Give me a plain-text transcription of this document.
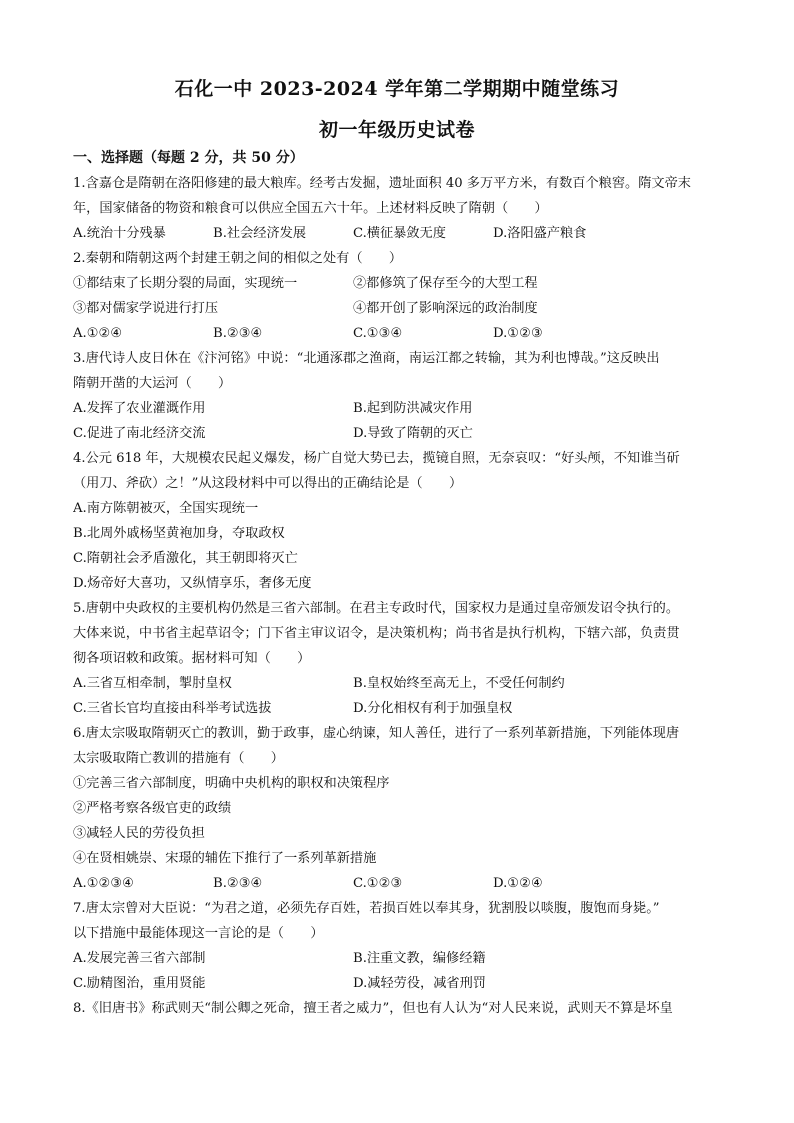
石化一中 2023-2024 学年第二学期期中随堂练习
初一年级历史试卷
一、选择题（每题 2 分，共 50 分）
1.含嘉仓是隋朝在洛阳修建的最大粮库。经考古发掘，遗址面积 40 多万平方米，有数百个粮窖。隋文帝末
年，国家储备的物资和粮食可以供应全国五六十年。上述材料反映了隋朝（　　）
A.统治十分残暴	B.社会经济发展	C.横征暴敛无度	D.洛阳盛产粮食
2.秦朝和隋朝这两个封建王朝之间的相似之处有（　　）
①都结束了长期分裂的局面，实现统一	②都修筑了保存至今的大型工程
③都对儒家学说进行打压	④都开创了影响深远的政治制度
A.①②④	B.②③④	C.①③④	D.①②③
3.唐代诗人皮日休在《汴河铭》中说：“北通涿郡之渔商，南运江都之转输，其为利也博哉。”这反映出
隋朝开凿的大运河（　　）
A.发挥了农业灌溉作用	B.起到防洪减灾作用
C.促进了南北经济交流	D.导致了隋朝的灭亡
4.公元 618 年，大规模农民起义爆发，杨广自觉大势已去，揽镜自照，无奈哀叹：“好头颅，不知谁当斫
（用刀、斧砍）之！”从这段材料中可以得出的正确结论是（　　）
A.南方陈朝被灭，全国实现统一
B.北周外戚杨坚黄袍加身，夺取政权
C.隋朝社会矛盾激化，其王朝即将灭亡
D.炀帝好大喜功，又纵情享乐，奢侈无度
5.唐朝中央政权的主要机构仍然是三省六部制。在君主专政时代，国家权力是通过皇帝颁发诏令执行的。
大体来说，中书省主起草诏令；门下省主审议诏令，是决策机构；尚书省是执行机构，下辖六部，负责贯
彻各项诏敕和政策。据材料可知（　　）
A.三省互相牵制，掣肘皇权	B.皇权始终至高无上，不受任何制约
C.三省长官均直接由科举考试选拔	D.分化相权有利于加强皇权
6.唐太宗吸取隋朝灭亡的教训，勤于政事，虚心纳谏，知人善任，进行了一系列革新措施，下列能体现唐
太宗吸取隋亡教训的措施有（　　）
①完善三省六部制度，明确中央机构的职权和决策程序
②严格考察各级官吏的政绩
③减轻人民的劳役负担
④在贤相姚崇、宋璟的辅佐下推行了一系列革新措施
A.①②③④	B.②③④	C.①②③	D.①②④
7.唐太宗曾对大臣说：“为君之道，必须先存百姓，若损百姓以奉其身，犹割股以啖腹，腹饱而身毙。”
以下措施中最能体现这一言论的是（　　）
A.发展完善三省六部制	B.注重文教，编修经籍
C.励精图治，重用贤能	D.减轻劳役，减省刑罚
8.《旧唐书》称武则天“制公卿之死命，擅王者之威力”，但也有人认为“对人民来说，武则天不算是坏皇
